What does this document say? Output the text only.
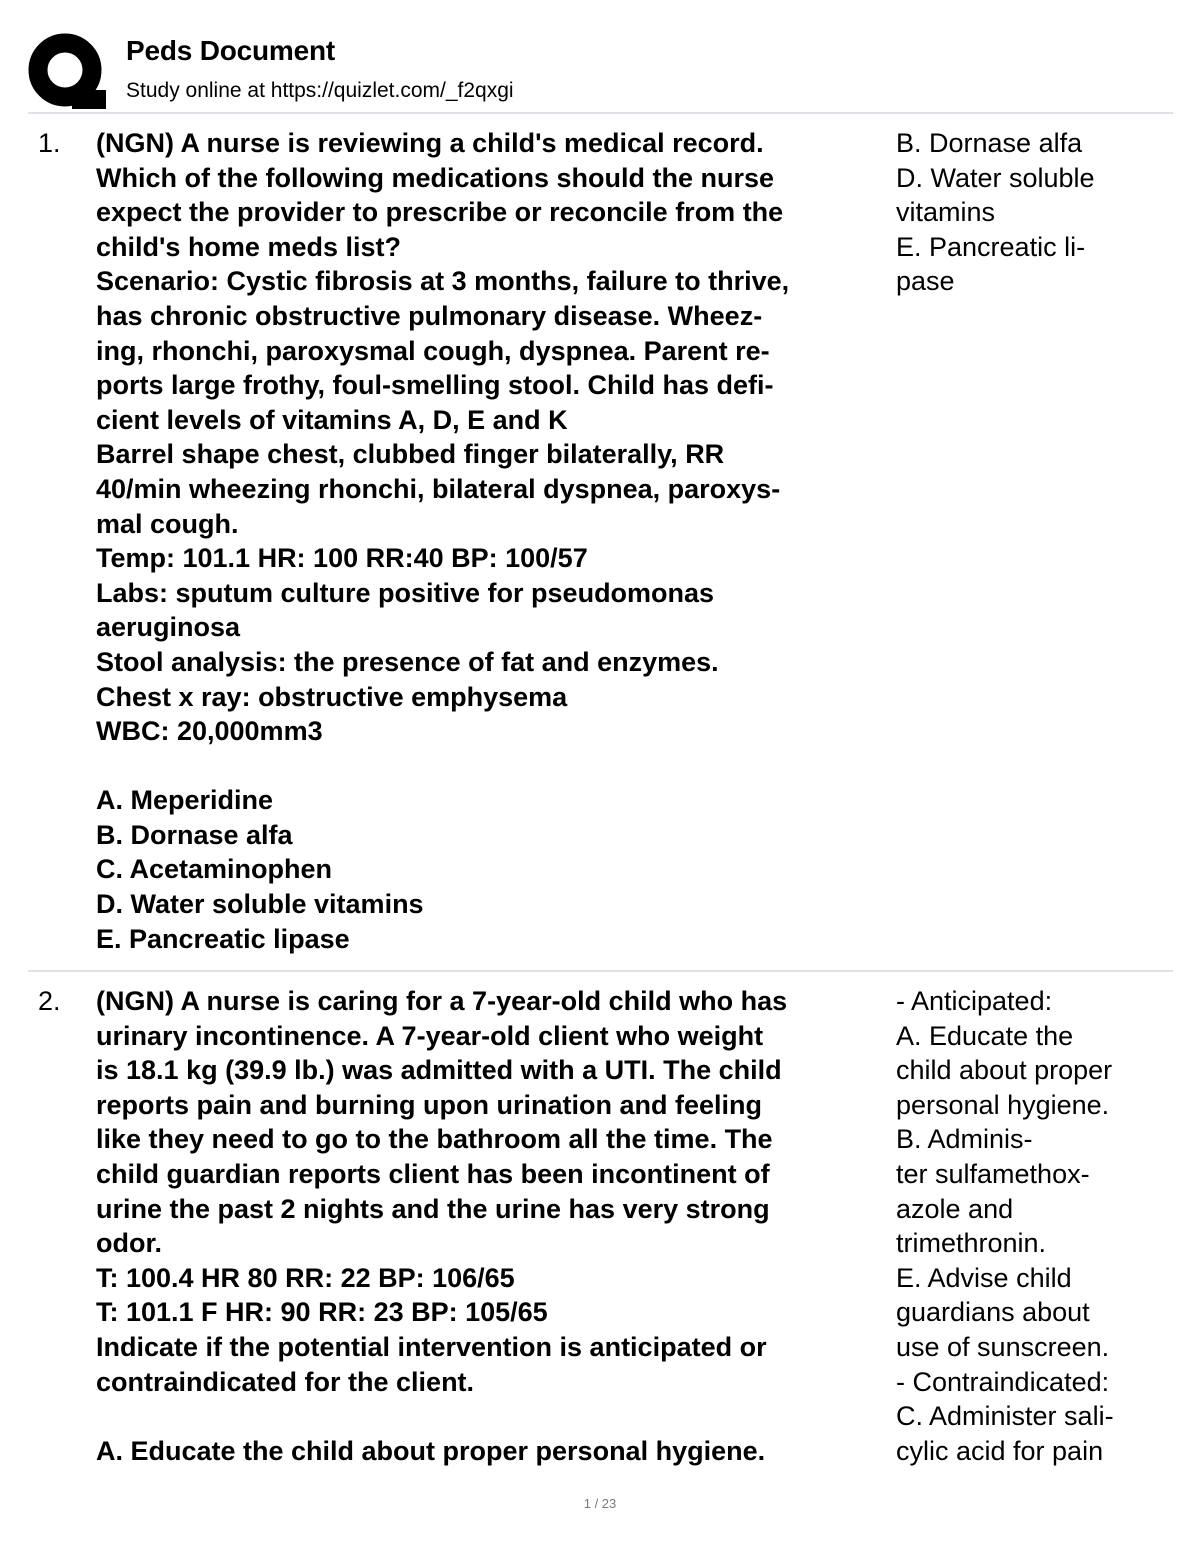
Peds Document
Study online at https://quizlet.com/_f2qxgi
1. (NGN) A nurse is reviewing a child's medical record.
Which of the following medications should the nurse
expect the provider to prescribe or reconcile from the
child's home meds list?
Scenario: Cystic fibrosis at 3 months, failure to thrive,
has chronic obstructive pulmonary disease. Wheez-
ing, rhonchi, paroxysmal cough, dyspnea. Parent re-
ports large frothy, foul-smelling stool. Child has defi-
cient levels of vitamins A, D, E and K
Barrel shape chest, clubbed finger bilaterally, RR
40/min wheezing rhonchi, bilateral dyspnea, paroxys-
mal cough.
Temp: 101.1 HR: 100 RR:40 BP: 100/57
Labs: sputum culture positive for pseudomonas
aeruginosa
Stool analysis: the presence of fat and enzymes.
Chest x ray: obstructive emphysema
WBC: 20,000mm3
A. Meperidine
B. Dornase alfa
C. Acetaminophen
D. Water soluble vitamins
E. Pancreatic lipase
B. Dornase alfa
D. Water soluble
vitamins
E. Pancreatic li-
pase
2. (NGN) A nurse is caring for a 7-year-old child who has
urinary incontinence. A 7-year-old client who weight
is 18.1 kg (39.9 lb.) was admitted with a UTI. The child
reports pain and burning upon urination and feeling
like they need to go to the bathroom all the time. The
child guardian reports client has been incontinent of
urine the past 2 nights and the urine has very strong
odor.
T: 100.4 HR 80 RR: 22 BP: 106/65
T: 101.1 F HR: 90 RR: 23 BP: 105/65
Indicate if the potential intervention is anticipated or
contraindicated for the client.
A. Educate the child about proper personal hygiene.
- Anticipated:
A. Educate the
child about proper
personal hygiene.
B. Adminis-
ter sulfamethox-
azole and
trimethronin.
E. Advise child
guardians about
use of sunscreen.
- Contraindicated:
C. Administer sali-
cylic acid for pain
1 / 23
